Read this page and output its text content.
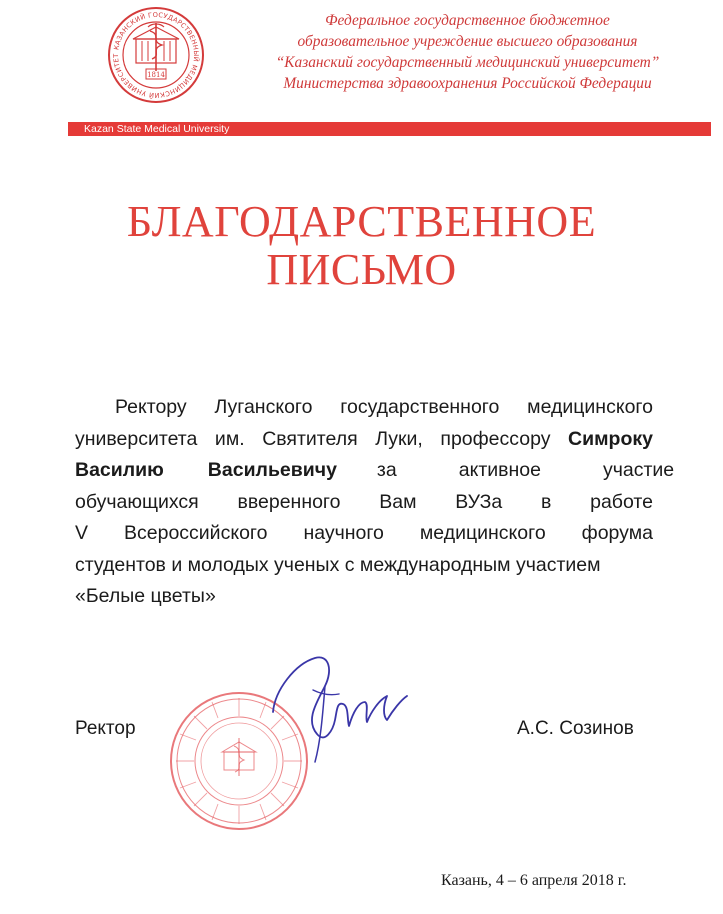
КАЗАНСКИЙ ГОСУДАРСТВЕННЫЙ МЕДИЦИНСКИЙ УНИВЕРСИТЕТ
1814
Федеральное государственное бюджетное
образовательное учреждение высшего образования
“Казанский государственный медицинский университет”
Министерства здравоохранения Российской Федерации
Kazan State Medical University
БЛАГОДАРСТВЕННОЕ
ПИСЬМО
Ректору Луганского государственного медицинского
университета им. Святителя Луки, профессору Симроку
Василию Васильевичу за	активное	участие
обучающихся вверенного Вам ВУЗа в работе
V Всероссийского научного медицинского форума
студентов и молодых ученых с международным участием
«Белые цветы»
Ректор	А.С. Созинов
Казань, 4 – 6 апреля 2018 г.
